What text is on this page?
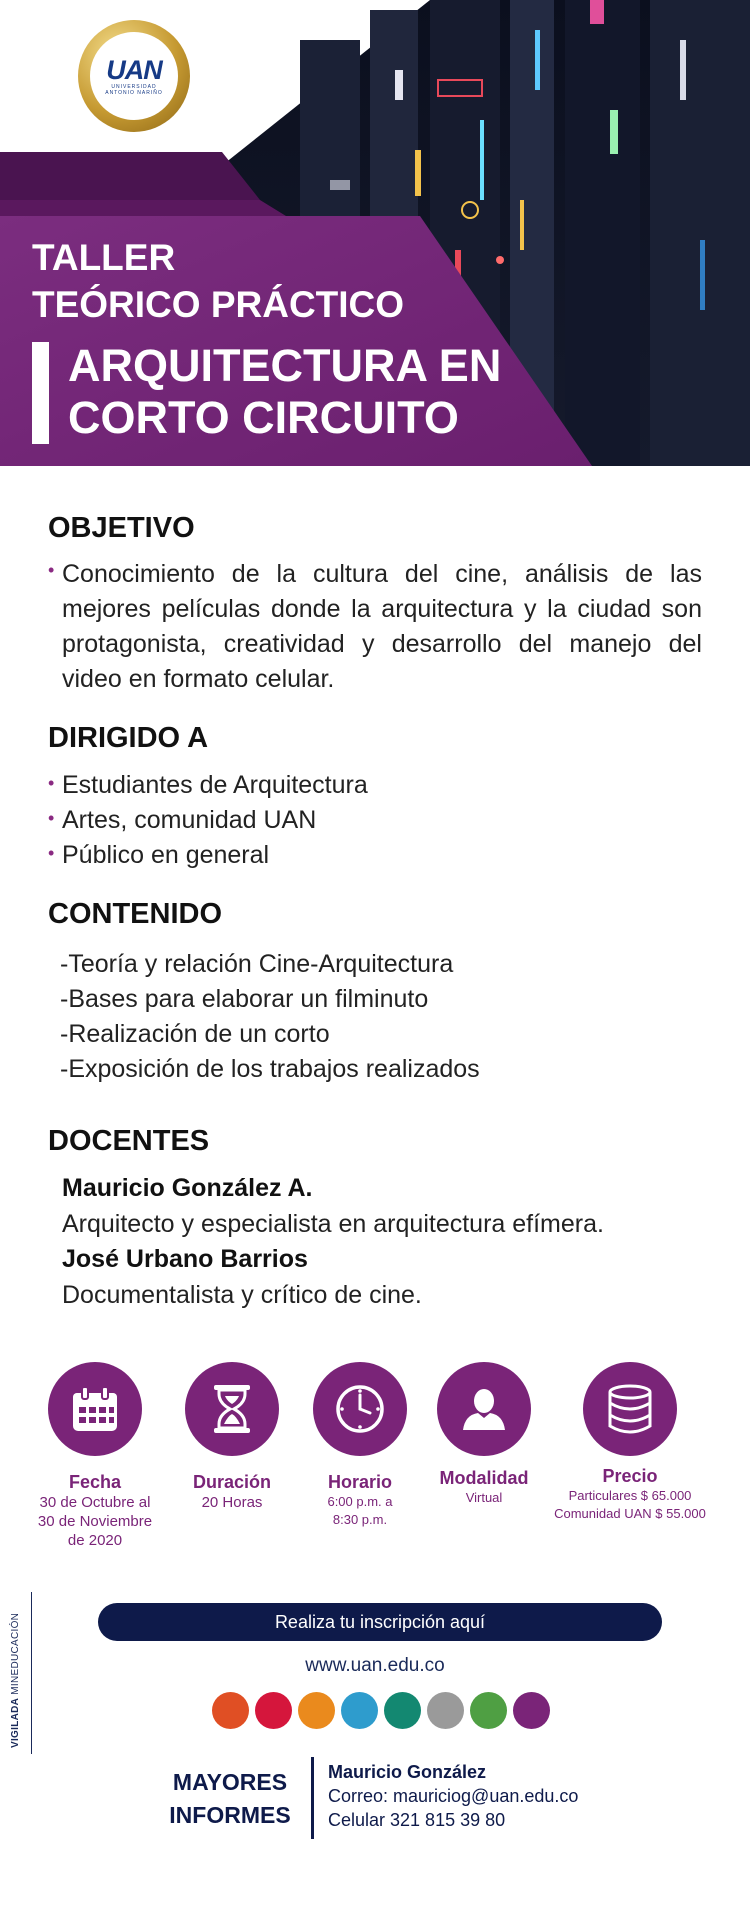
UAN
UNIVERSIDAD
ANTONIO NARIÑO
TALLER
TEÓRICO PRÁCTICO
ARQUITECTURA EN
CORTO CIRCUITO
OBJETIVO
• Conocimiento de la cultura del cine, análisis de las mejores películas donde la arquitectura y la ciudad son protagonista, creatividad y desarrollo del manejo del video en formato celular.
DIRIGIDO A
• Estudiantes de Arquitectura
• Artes, comunidad UAN
• Público en general
CONTENIDO
-Teoría y relación Cine-Arquitectura
-Bases para elaborar un filminuto
-Realización de un corto
-Exposición de los trabajos realizados
DOCENTES
Mauricio González A.
Arquitecto y especialista en arquitectura efímera.
José Urbano Barrios
Documentalista y crítico de cine.
Fecha
30 de Octubre al
30 de Noviembre
de 2020
Duración
20 Horas
Horario
6:00 p.m. a
8:30 p.m.
Modalidad
Virtual
Precio
Particulares $ 65.000
Comunidad UAN $ 55.000
VIGILADA MINEDUCACIÓN	Realiza tu inscripción aquí
www.uan.edu.co
MAYORES
INFORMES
Mauricio González
Correo: mauriciog@uan.edu.co
Celular 321 815 39 80
